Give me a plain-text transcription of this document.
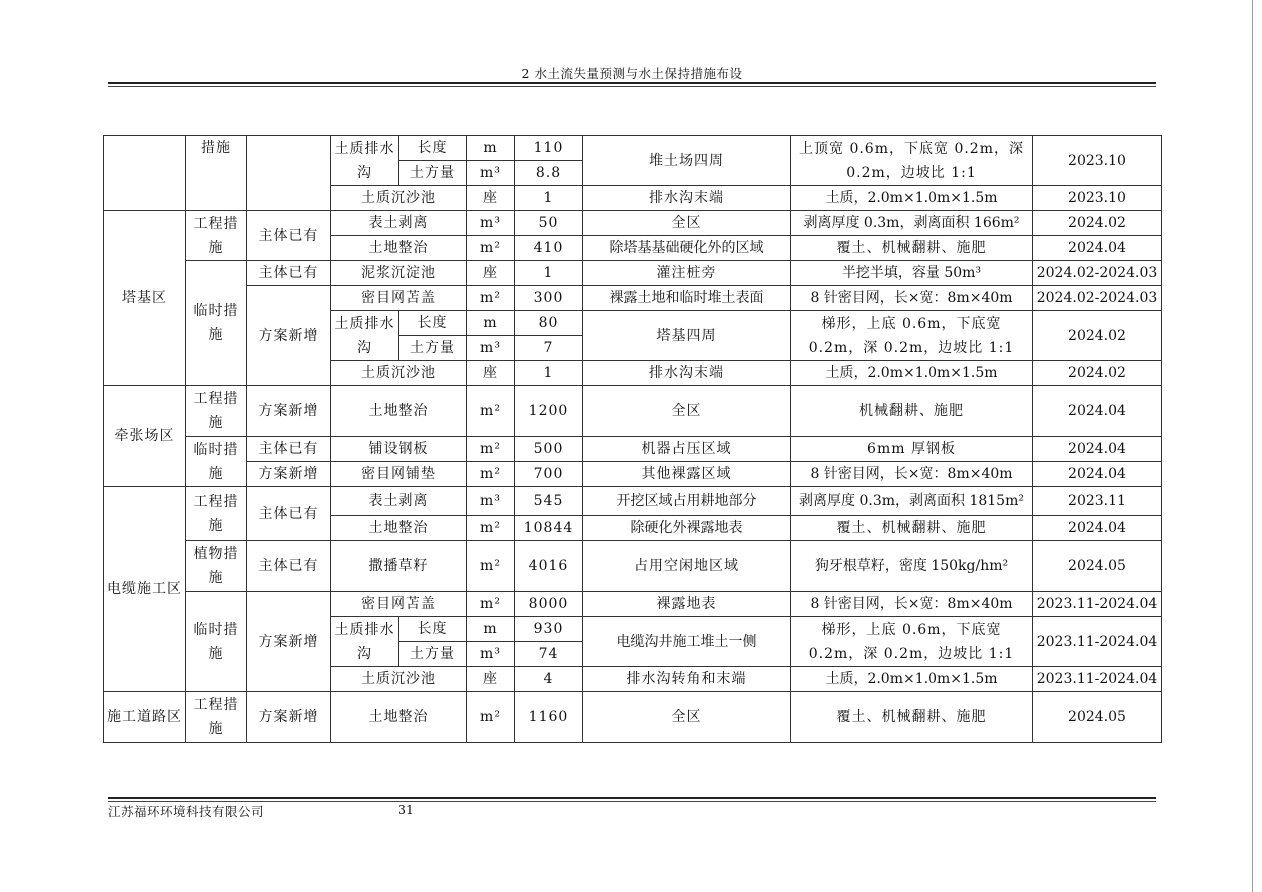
2 水土流失量预测与水土保持措施布设
	措施		土质排水沟	长度	m	110	堆土场四周	上顶宽 0.6m，下底宽 0.2m，深 0.2m，边坡比 1:1	2023.10
				土方量	m³	8.8			
			土质沉沙池		座	1	排水沟末端	土质，2.0m×1.0m×1.5m	2023.10
塔基区	工程措施	主体已有	表土剥离		m³	50	全区	剥离厚度 0.3m，剥离面积 166m²	2024.02
			土地整治		m²	410	除塔基基础硬化外的区域	覆土、机械翻耕、施肥	2024.04
	临时措施	主体已有	泥浆沉淀池		座	1	灌注桩旁	半挖半填，容量 50m³	2024.02-2024.03
		方案新增	密目网苫盖		m²	300	裸露土地和临时堆土表面	8 针密目网，长×宽：8m×40m	2024.02-2024.03
			土质排水沟	长度	m	80	塔基四周	梯形，上底 0.6m，下底宽 0.2m，深 0.2m，边坡比 1:1	2024.02
				土方量	m³	7			
			土质沉沙池		座	1	排水沟末端	土质，2.0m×1.0m×1.5m	2024.02
牵张场区	工程措施	方案新增	土地整治		m²	1200	全区	机械翻耕、施肥	2024.04
	临时措施	主体已有	铺设钢板		m²	500	机器占压区域	6mm 厚钢板	2024.04
		方案新增	密目网铺垫		m²	700	其他裸露区域	8 针密目网，长×宽：8m×40m	2024.04
电缆施工区	工程措施	主体已有	表土剥离		m³	545	开挖区域占用耕地部分	剥离厚度 0.3m，剥离面积 1815m²	2023.11
			土地整治		m²	10844	除硬化外裸露地表	覆土、机械翻耕、施肥	2024.04
	植物措施	主体已有	撒播草籽		m²	4016	占用空闲地区域	狗牙根草籽，密度 150kg/hm²	2024.05
	临时措施	方案新增	密目网苫盖		m²	8000	裸露地表	8 针密目网，长×宽：8m×40m	2023.11-2024.04
			土质排水沟	长度	m	930	电缆沟井施工堆土一侧	梯形，上底 0.6m，下底宽 0.2m，深 0.2m，边坡比 1:1	2023.11-2024.04
				土方量	m³	74			
			土质沉沙池		座	4	排水沟转角和末端	土质，2.0m×1.0m×1.5m	2023.11-2024.04
施工道路区	工程措施	方案新增	土地整治		m²	1160	全区	覆土、机械翻耕、施肥	2024.05
江苏福环环境科技有限公司	31
